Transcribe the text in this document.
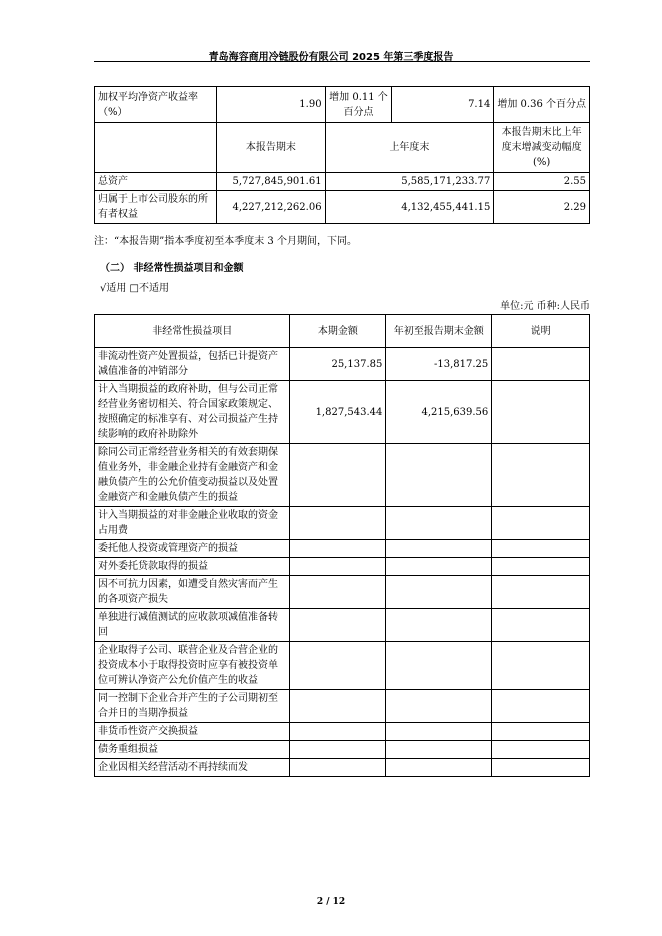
青岛海容商用冷链股份有限公司 2025 年第三季度报告
加权平均净资产收益率（%）	1.90	增加 0.11 个百分点	7.14	增加 0.36 个百分点
	本报告期末	上年度末		本报告期末比上年度末增减变动幅度(%)
总资产	5,727,845,901.61	5,585,171,233.77		2.55
归属于上市公司股东的所有者权益	4,227,212,262.06	4,132,455,441.15		2.29
注：“本报告期”指本季度初至本季度末 3 个月期间，下同。
（二） 非经常性损益项目和金额
√适用 □不适用
单位:元 币种:人民币
非经常性损益项目	本期金额	年初至报告期末金额	说明
非流动性资产处置损益，包括已计提资产减值准备的冲销部分	25,137.85	-13,817.25	
计入当期损益的政府补助，但与公司正常经营业务密切相关、符合国家政策规定、按照确定的标准享有、对公司损益产生持续影响的政府补助除外	1,827,543.44	4,215,639.56	
除同公司正常经营业务相关的有效套期保值业务外，非金融企业持有金融资产和金融负债产生的公允价值变动损益以及处置金融资产和金融负债产生的损益			
计入当期损益的对非金融企业收取的资金占用费			
委托他人投资或管理资产的损益			
对外委托贷款取得的损益			
因不可抗力因素，如遭受自然灾害而产生的各项资产损失			
单独进行减值测试的应收款项减值准备转回			
企业取得子公司、联营企业及合营企业的投资成本小于取得投资时应享有被投资单位可辨认净资产公允价值产生的收益			
同一控制下企业合并产生的子公司期初至合并日的当期净损益			
非货币性资产交换损益			
债务重组损益			
企业因相关经营活动不再持续而发			
2 / 12
